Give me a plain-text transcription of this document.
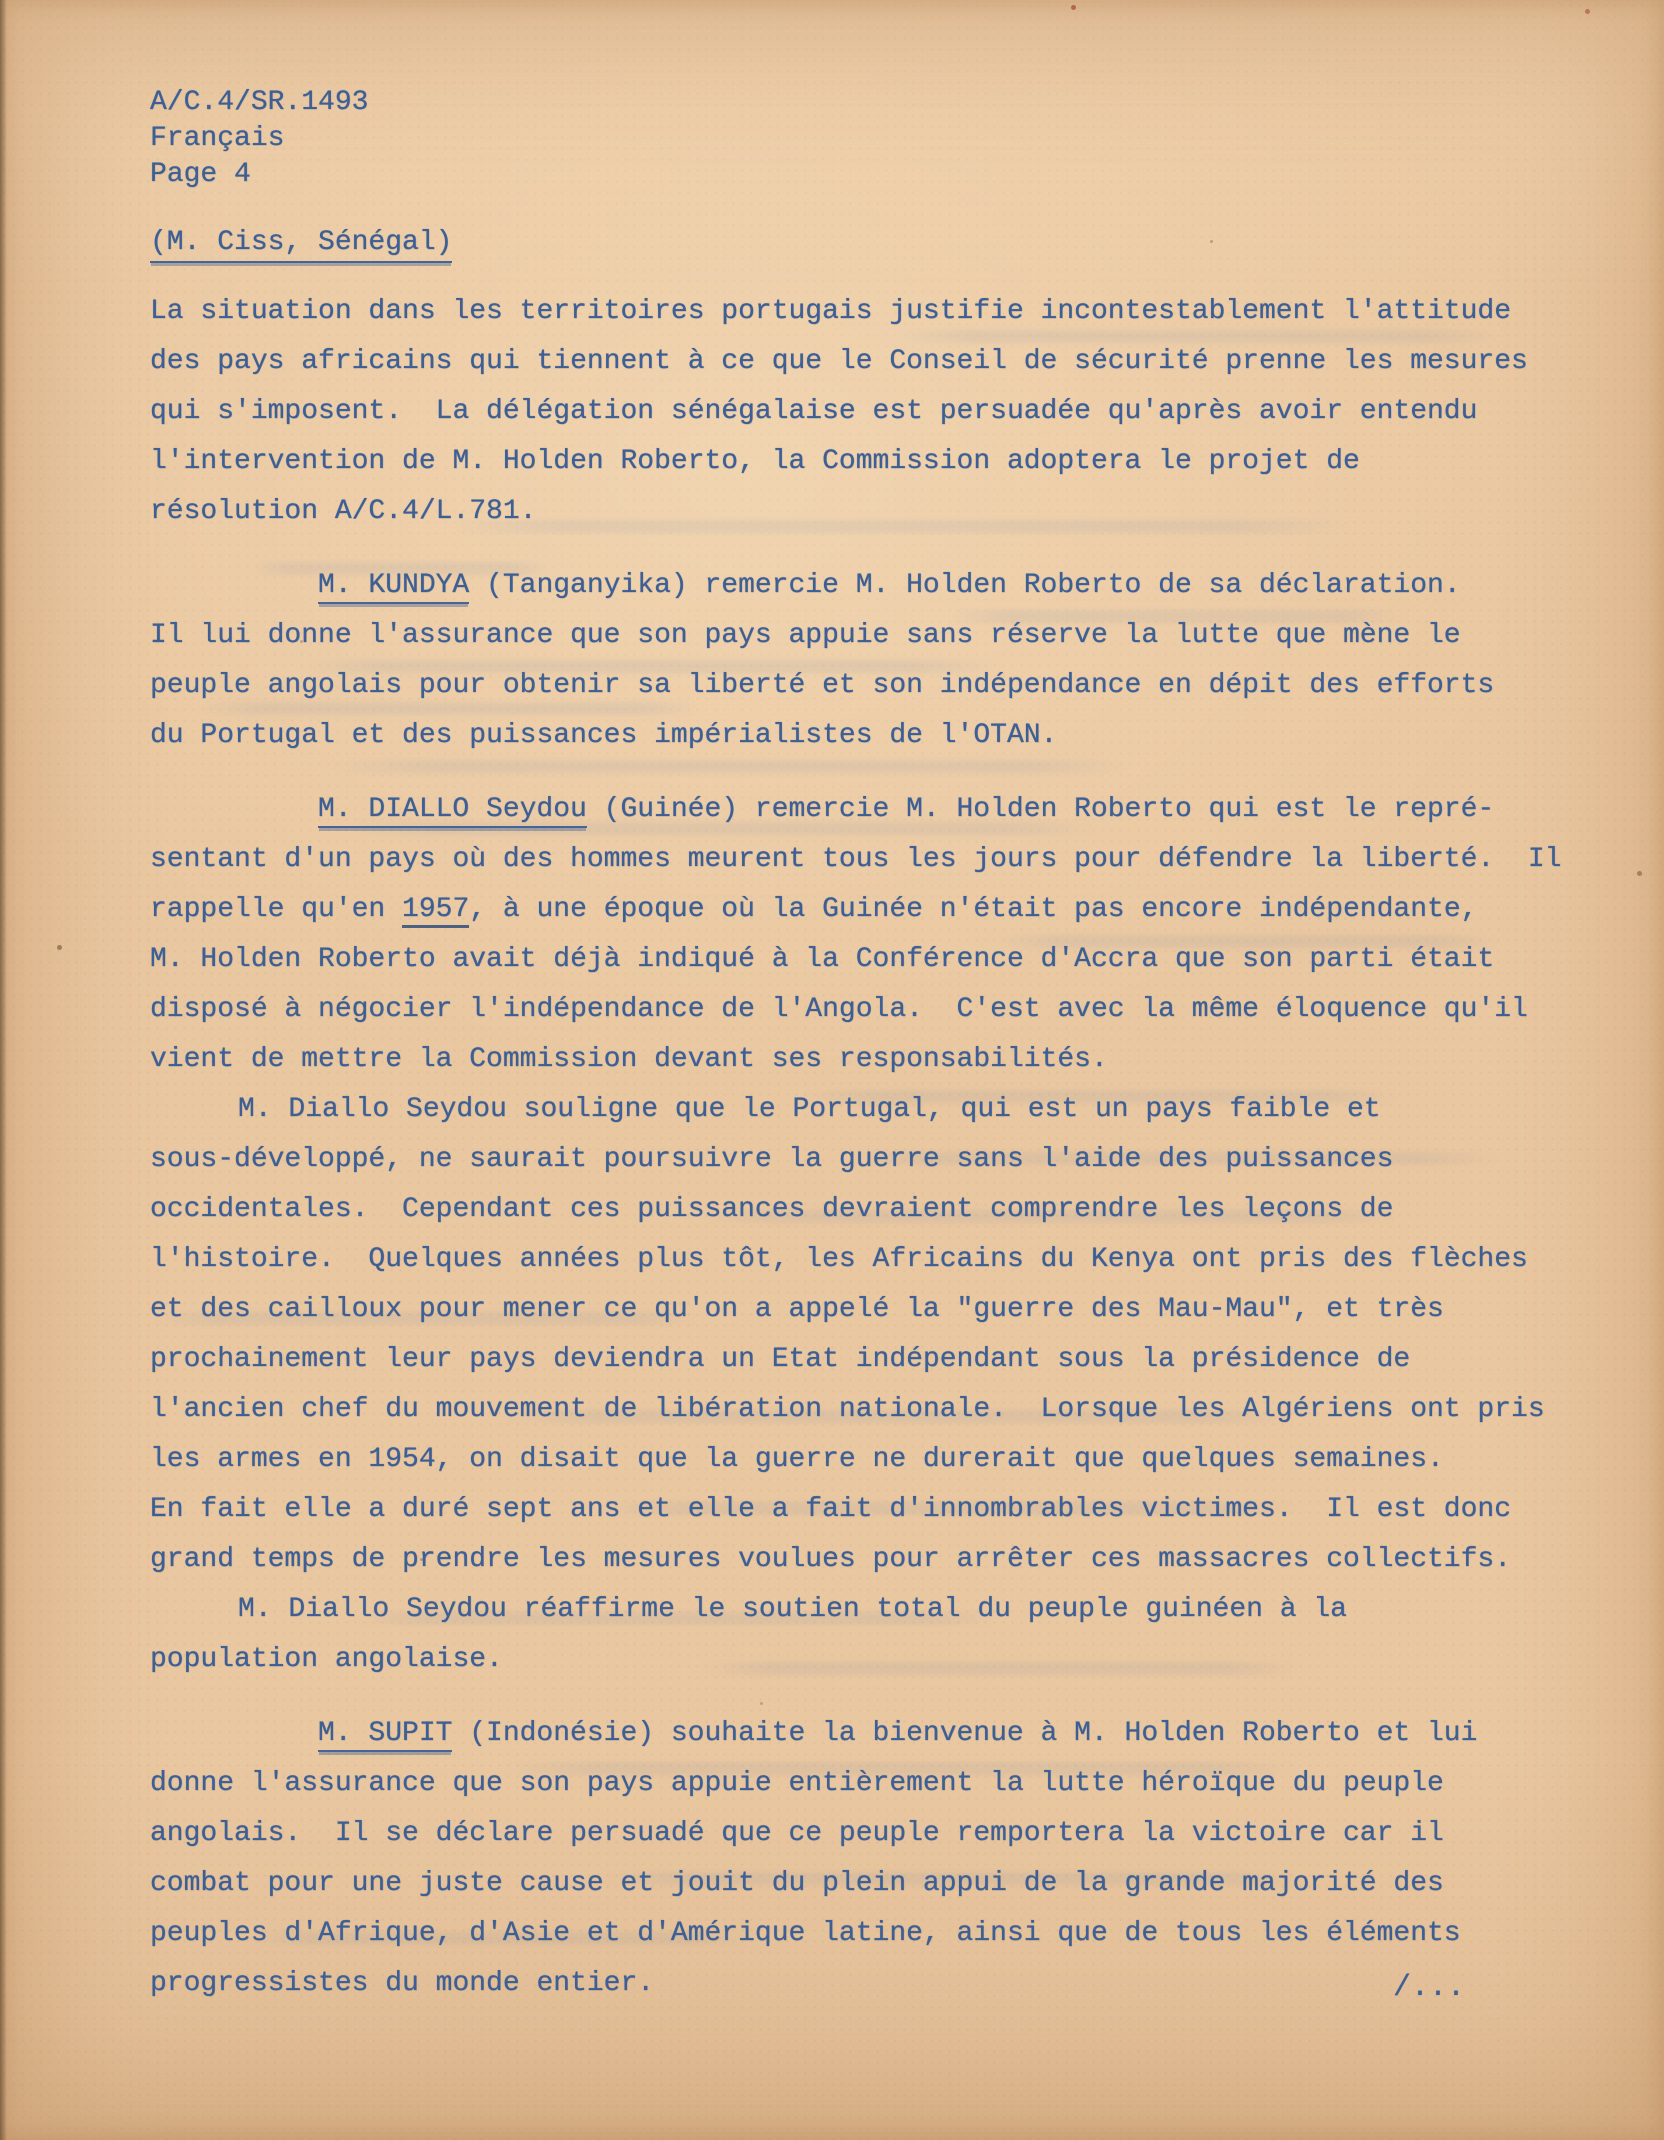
A/C.4/SR.1493
Français
Page 4
(M. Ciss, Sénégal)
La situation dans les territoires portugais justifie incontestablement l'attitude
des pays africains qui tiennent à ce que le Conseil de sécurité prenne les mesures
qui s'imposent.  La délégation sénégalaise est persuadée qu'après avoir entendu
l'intervention de M. Holden Roberto, la Commission adoptera le projet de
résolution A/C.4/L.781.
M. KUNDYA (Tanganyika) remercie M. Holden Roberto de sa déclaration.
Il lui donne l'assurance que son pays appuie sans réserve la lutte que mène le
peuple angolais pour obtenir sa liberté et son indépendance en dépit des efforts
du Portugal et des puissances impérialistes de l'OTAN.
M. DIALLO Seydou (Guinée) remercie M. Holden Roberto qui est le repré-
sentant d'un pays où des hommes meurent tous les jours pour défendre la liberté.  Il
rappelle qu'en 1957, à une époque où la Guinée n'était pas encore indépendante,
M. Holden Roberto avait déjà indiqué à la Conférence d'Accra que son parti était
disposé à négocier l'indépendance de l'Angola.  C'est avec la même éloquence qu'il
vient de mettre la Commission devant ses responsabilités.
M. Diallo Seydou souligne que le Portugal, qui est un pays faible et
sous-développé, ne saurait poursuivre la guerre sans l'aide des puissances
occidentales.  Cependant ces puissances devraient comprendre les leçons de
l'histoire.  Quelques années plus tôt, les Africains du Kenya ont pris des flèches
et des cailloux pour mener ce qu'on a appelé la "guerre des Mau-Mau", et très
prochainement leur pays deviendra un Etat indépendant sous la présidence de
l'ancien chef du mouvement de libération nationale.  Lorsque les Algériens ont pris
les armes en 1954, on disait que la guerre ne durerait que quelques semaines.
En fait elle a duré sept ans et elle a fait d'innombrables victimes.  Il est donc
grand temps de prendre les mesures voulues pour arrêter ces massacres collectifs.
M. Diallo Seydou réaffirme le soutien total du peuple guinéen à la
population angolaise.
M. SUPIT (Indonésie) souhaite la bienvenue à M. Holden Roberto et lui
donne l'assurance que son pays appuie entièrement la lutte héroïque du peuple
angolais.  Il se déclare persuadé que ce peuple remportera la victoire car il
combat pour une juste cause et jouit du plein appui de la grande majorité des
peuples d'Afrique, d'Asie et d'Amérique latine, ainsi que de tous les éléments
progressistes du monde entier.	/...
